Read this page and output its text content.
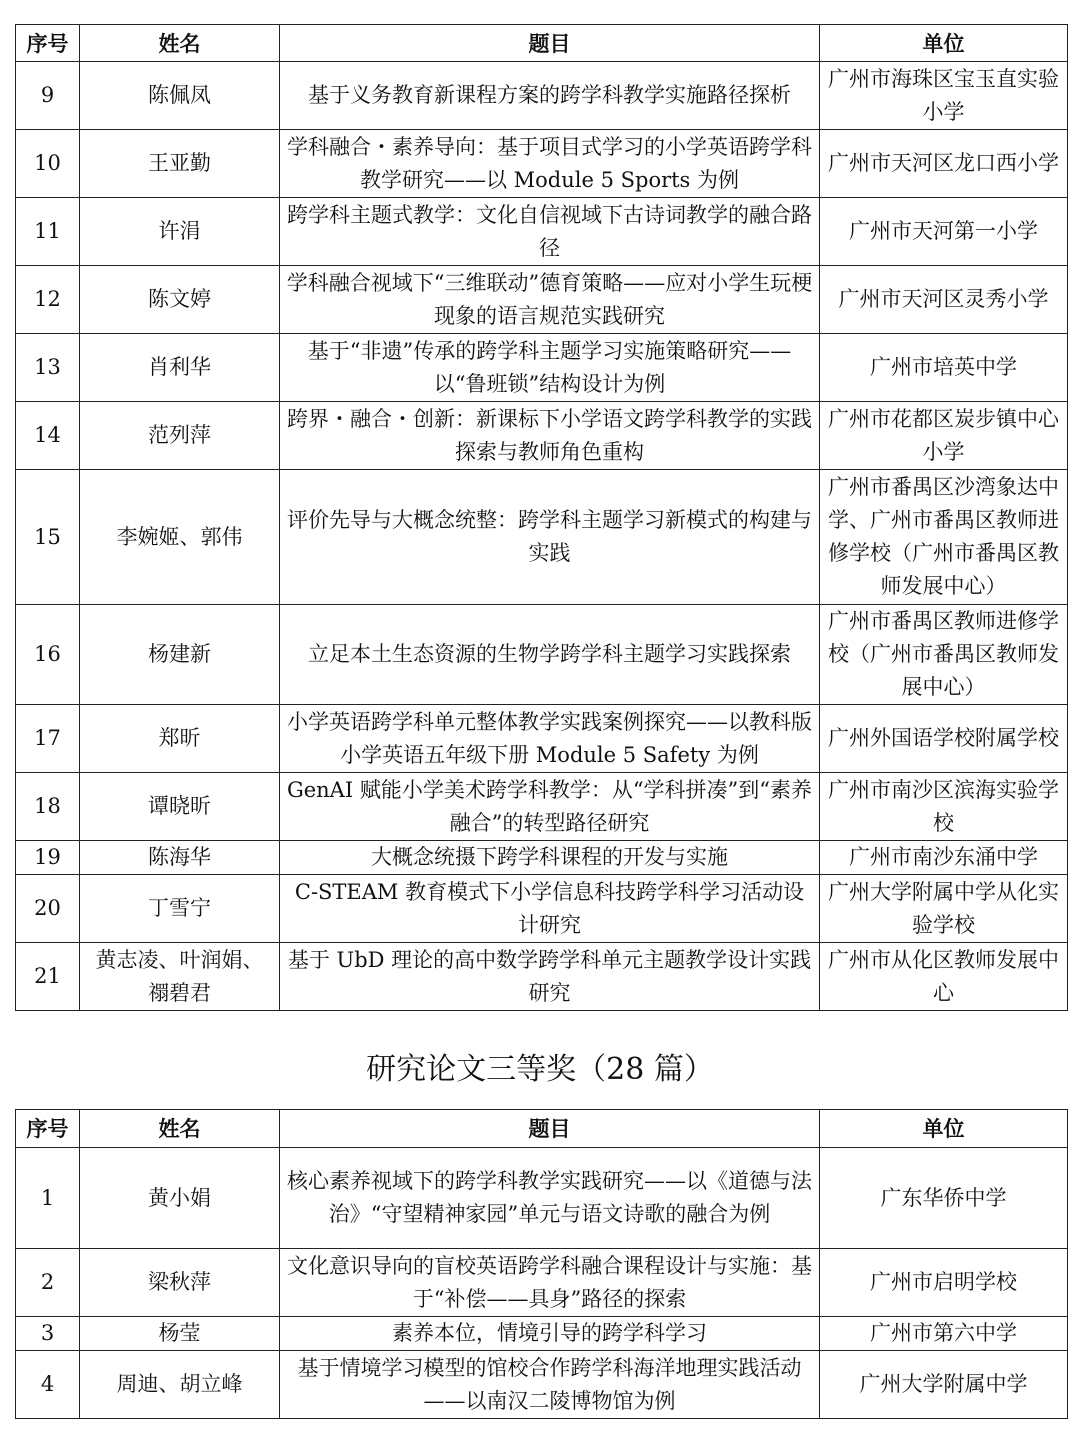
序号	姓名	题目	单位
9	陈佩凤	基于义务教育新课程方案的跨学科教学实施路径探析	广州市海珠区宝玉直实验小学
10	王亚勤	学科融合・素养导向：基于项目式学习的小学英语跨学科教学研究——以 Module 5 Sports 为例	广州市天河区龙口西小学
11	许涓	跨学科主题式教学：文化自信视域下古诗词教学的融合路径	广州市天河第一小学
12	陈文婷	学科融合视域下“三维联动”德育策略——应对小学生玩梗现象的语言规范实践研究	广州市天河区灵秀小学
13	肖利华	基于“非遗”传承的跨学科主题学习实施策略研究——以“鲁班锁”结构设计为例	广州市培英中学
14	范列萍	跨界・融合・创新：新课标下小学语文跨学科教学的实践探索与教师角色重构	广州市花都区炭步镇中心小学
15	李婉姬、郭伟	评价先导与大概念统整：跨学科主题学习新模式的构建与实践	广州市番禺区沙湾象达中学、广州市番禺区教师进修学校（广州市番禺区教师发展中心）
16	杨建新	立足本土生态资源的生物学跨学科主题学习实践探索	广州市番禺区教师进修学校（广州市番禺区教师发展中心）
17	郑昕	小学英语跨学科单元整体教学实践案例探究——以教科版小学英语五年级下册 Module 5 Safety 为例	广州外国语学校附属学校
18	谭晓昕	GenAI 赋能小学美术跨学科教学：从“学科拼凑”到“素养融合”的转型路径研究	广州市南沙区滨海实验学校
19	陈海华	大概念统摄下跨学科课程的开发与实施	广州市南沙东涌中学
20	丁雪宁	C-STEAM 教育模式下小学信息科技跨学科学习活动设计研究	广州大学附属中学从化实验学校
21	黄志凌、叶润娟、禤碧君	基于 UbD 理论的高中数学跨学科单元主题教学设计实践研究	广州市从化区教师发展中心
研究论文三等奖（28 篇）
序号	姓名	题目	单位
1	黄小娟	核心素养视域下的跨学科教学实践研究——以《道德与法治》“守望精神家园”单元与语文诗歌的融合为例	广东华侨中学
2	梁秋萍	文化意识导向的盲校英语跨学科融合课程设计与实施：基于“补偿——具身”路径的探索	广州市启明学校
3	杨莹	素养本位，情境引导的跨学科学习	广州市第六中学
4	周迪、胡立峰	基于情境学习模型的馆校合作跨学科海洋地理实践活动——以南汉二陵博物馆为例	广州大学附属中学
